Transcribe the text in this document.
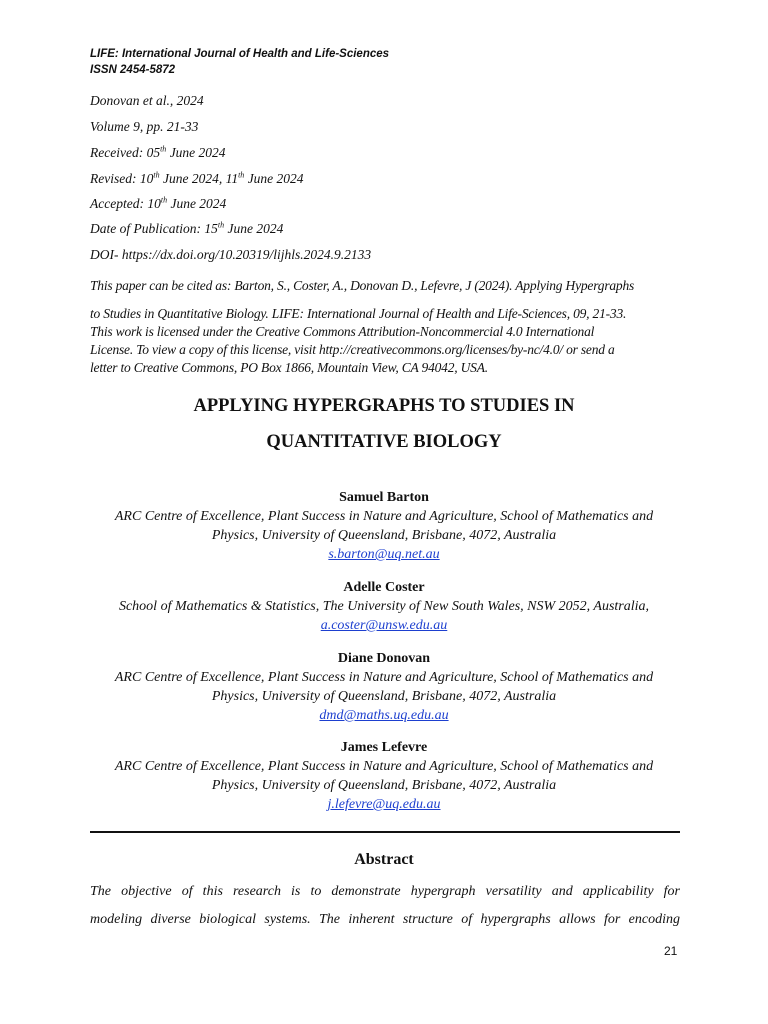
LIFE: International Journal of Health and Life-Sciences
ISSN 2454-5872
Donovan et al., 2024
Volume 9, pp. 21-33
Received: 05th June 2024
Revised: 10th June 2024, 11th June 2024
Accepted: 10th June 2024
Date of Publication: 15th June 2024
DOI- https://dx.doi.org/10.20319/lijhls.2024.9.2133
This paper can be cited as: Barton, S., Coster, A., Donovan D., Lefevre, J (2024). Applying Hypergraphs
to Studies in Quantitative Biology. LIFE: International Journal of Health and Life-Sciences, 09, 21-33.
This work is licensed under the Creative Commons Attribution-Noncommercial 4.0 International
License. To view a copy of this license, visit http://creativecommons.org/licenses/by-nc/4.0/ or send a
letter to Creative Commons, PO Box 1866, Mountain View, CA 94042, USA.
APPLYING HYPERGRAPHS TO STUDIES IN
QUANTITATIVE BIOLOGY
Samuel Barton
ARC Centre of Excellence, Plant Success in Nature and Agriculture, School of Mathematics and
Physics, University of Queensland, Brisbane, 4072, Australia
s.barton@uq.net.au
Adelle Coster
School of Mathematics & Statistics, The University of New South Wales, NSW 2052, Australia,
a.coster@unsw.edu.au
Diane Donovan
ARC Centre of Excellence, Plant Success in Nature and Agriculture, School of Mathematics and
Physics, University of Queensland, Brisbane, 4072, Australia
dmd@maths.uq.edu.au
James Lefevre
ARC Centre of Excellence, Plant Success in Nature and Agriculture, School of Mathematics and
Physics, University of Queensland, Brisbane, 4072, Australia
j.lefevre@uq.edu.au
Abstract
The objective of this research is to demonstrate hypergraph versatility and applicability for
modeling diverse biological systems. The inherent structure of hypergraphs allows for encoding
21
